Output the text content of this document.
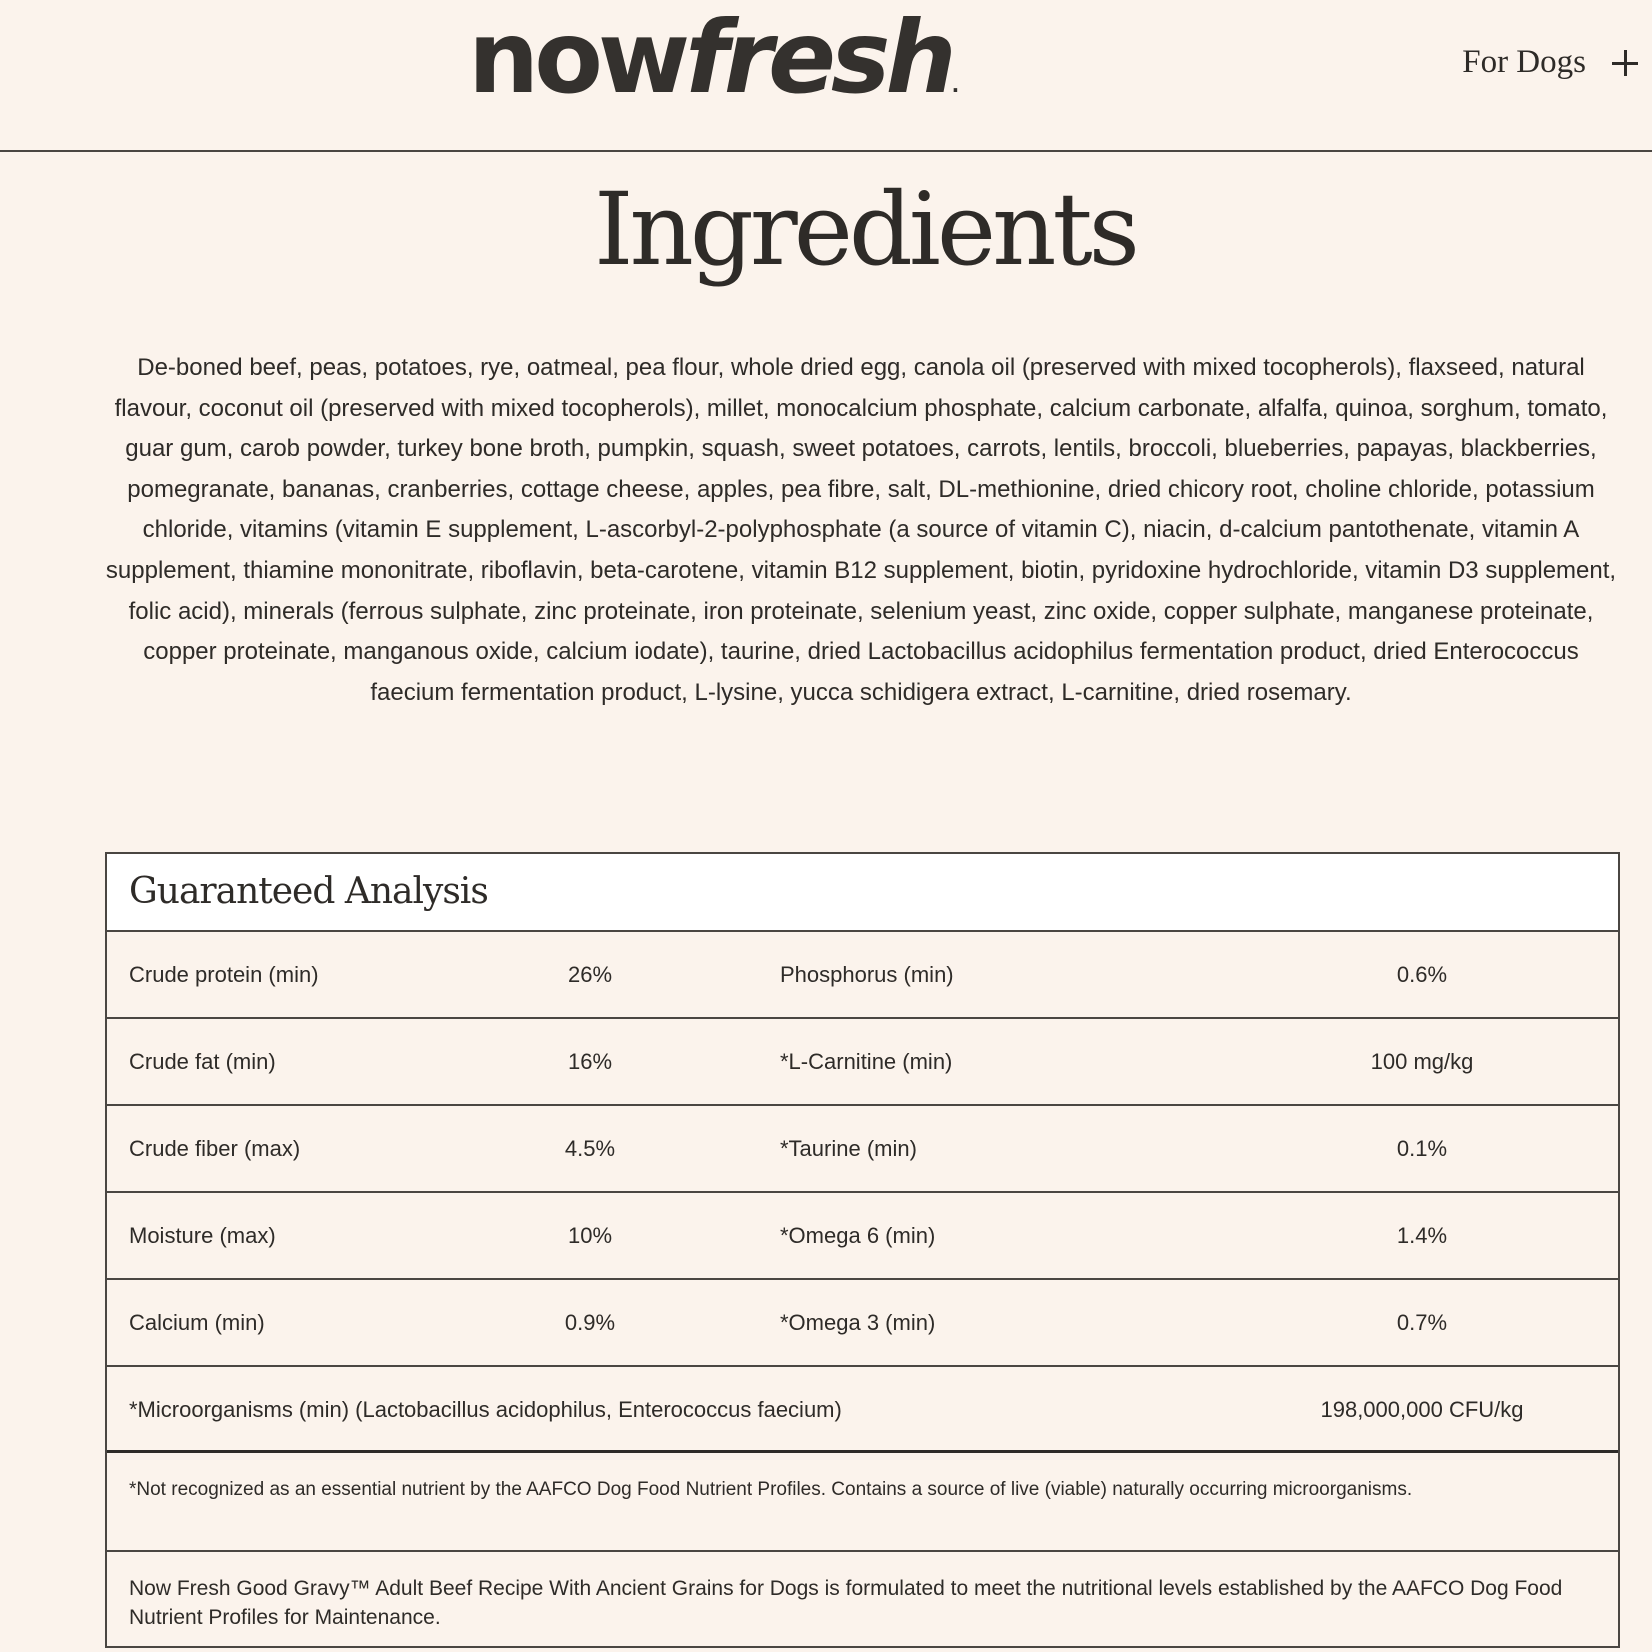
nowfresh.
For Dogs
Ingredients

De-boned beef, peas, potatoes, rye, oatmeal, pea flour, whole dried egg, canola oil (preserved with mixed tocopherols), flaxseed, natural flavour, coconut oil (preserved with mixed tocopherols), millet, monocalcium phosphate, calcium carbonate, alfalfa, quinoa, sorghum, tomato, guar gum, carob powder, turkey bone broth, pumpkin, squash, sweet potatoes, carrots, lentils, broccoli, blueberries, papayas, blackberries, pomegranate, bananas, cranberries, cottage cheese, apples, pea fibre, salt, DL-methionine, dried chicory root, choline chloride, potassium chloride, vitamins (vitamin E supplement, L-ascorbyl-2-polyphosphate (a source of vitamin C), niacin, d-calcium pantothenate, vitamin A supplement, thiamine mononitrate, riboflavin, beta-carotene, vitamin B12 supplement, biotin, pyridoxine hydrochloride, vitamin D3 supplement, folic acid), minerals (ferrous sulphate, zinc proteinate, iron proteinate, selenium yeast, zinc oxide, copper sulphate, manganese proteinate, copper proteinate, manganous oxide, calcium iodate), taurine, dried Lactobacillus acidophilus fermentation product, dried Enterococcus faecium fermentation product, L-lysine, yucca schidigera extract, L-carnitine, dried rosemary.

Guaranteed Analysis
Crude protein (min)	26%	Phosphorus (min)	0.6%
Crude fat (min)	16%	*L-Carnitine (min)	100 mg/kg
Crude fiber (max)	4.5%	*Taurine (min)	0.1%
Moisture (max)	10%	*Omega 6 (min)	1.4%
Calcium (min)	0.9%	*Omega 3 (min)	0.7%
*Microorganisms (min) (Lactobacillus acidophilus, Enterococcus faecium)	198,000,000 CFU/kg
*Not recognized as an essential nutrient by the AAFCO Dog Food Nutrient Profiles. Contains a source of live (viable) naturally occurring microorganisms.
Now Fresh Good Gravy™ Adult Beef Recipe With Ancient Grains for Dogs is formulated to meet the nutritional levels established by the AAFCO Dog Food Nutrient Profiles for Maintenance.
